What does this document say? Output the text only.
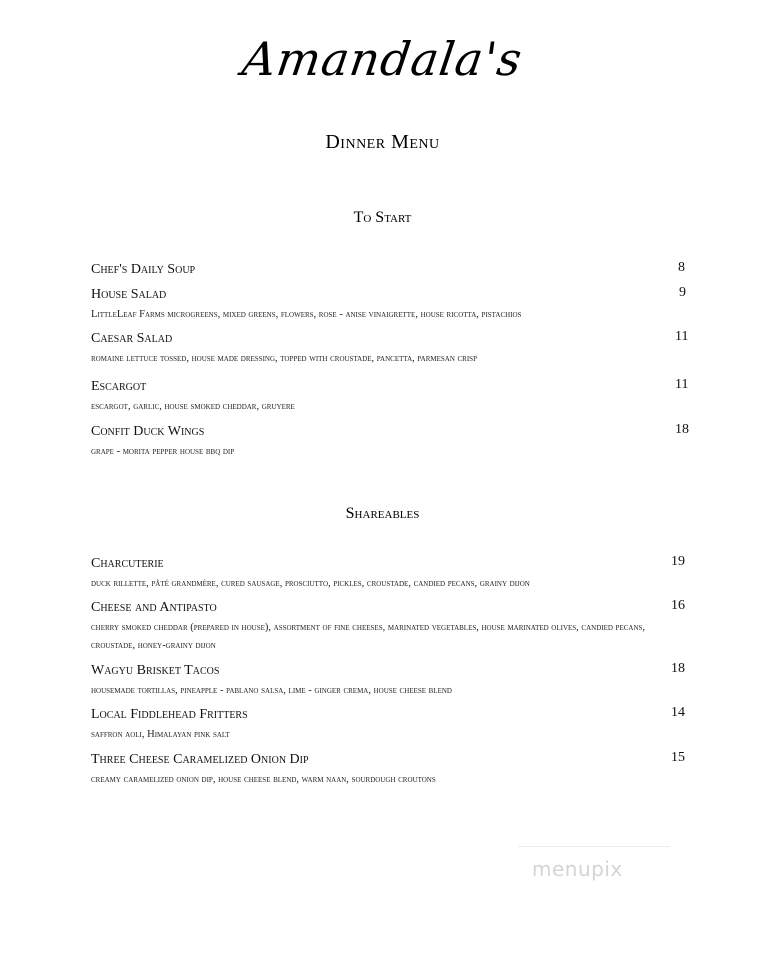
Amandala's
Dinner Menu
To Start
Chef's Daily Soup	8
House Salad	9
LittleLeaf Farms microgreens, mixed greens, flowers, rose - anise vinaigrette, house ricotta, pistachios
Caesar Salad	11
romaine lettuce tossed, house made dressing, topped with croustade, pancetta, parmesan crisp
Escargot	11
escargot, garlic, house smoked cheddar, gruyere
Confit Duck Wings	18
grape - morita pepper house bbq dip
Shareables
Charcuterie	19
duck rillette, pâté grandmère, cured sausage, prosciutto, pickles, croustade, candied pecans, grainy dijon
Cheese and Antipasto	16
cherry smoked cheddar (prepared in house), assortment of fine cheeses, marinated vegetables, house marinated olives, candied pecans, croustade, honey-grainy dijon
Wagyu Brisket Tacos	18
housemade tortillas, pineapple - pablano salsa, lime - ginger crema, house cheese blend
Local Fiddlehead Fritters	14
saffron aoli, Himalayan pink salt
Three Cheese Caramelized Onion Dip	15
creamy caramelized onion dip, house cheese blend, warm naan, sourdough croutons
menupix
